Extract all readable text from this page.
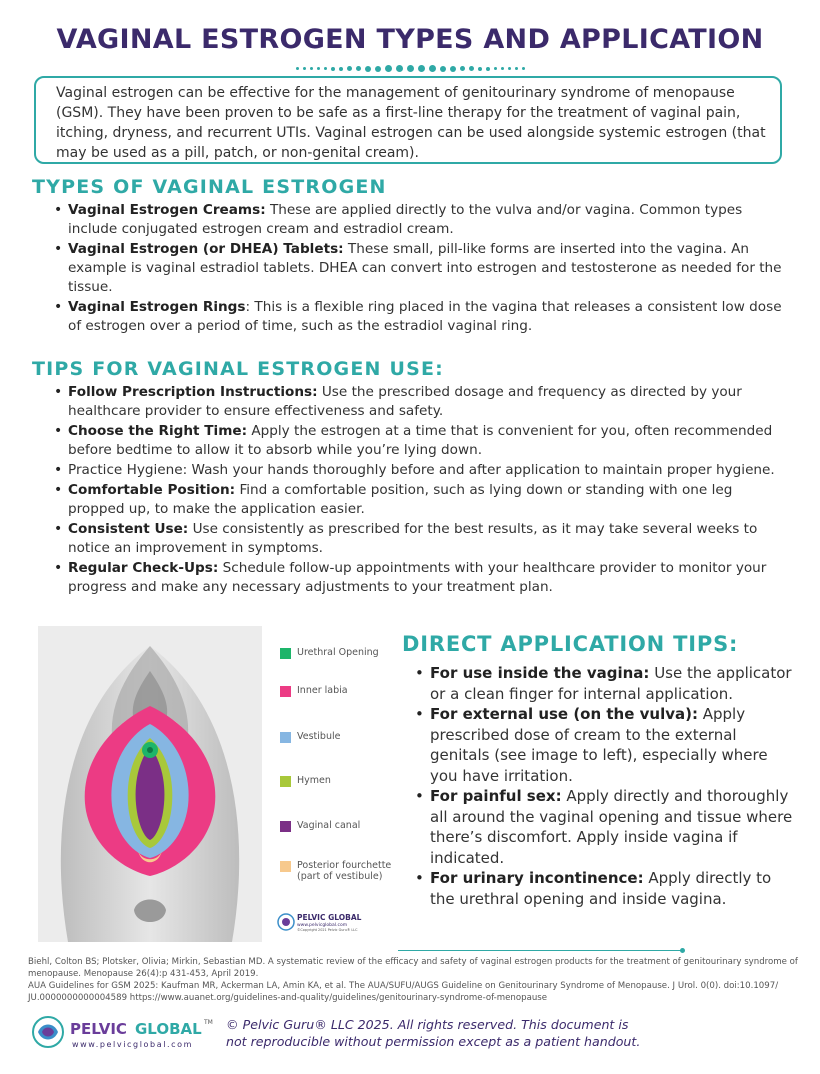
VAGINAL ESTROGEN TYPES AND APPLICATION
Vaginal estrogen can be effective for the management of genitourinary syndrome of menopause (GSM). They have been proven to be safe as a first-line therapy for the treatment of vaginal pain, itching, dryness, and recurrent UTIs. Vaginal estrogen can be used alongside systemic estrogen (that may be used as a pill, patch, or non-genital cream).
TYPES OF VAGINAL ESTROGEN
• Vaginal Estrogen Creams: These are applied directly to the vulva and/or vagina. Common types include conjugated estrogen cream and estradiol cream.
• Vaginal Estrogen (or DHEA) Tablets: These small, pill-like forms are inserted into the vagina. An example is vaginal estradiol tablets. DHEA can convert into estrogen and testosterone as needed for the tissue.
• Vaginal Estrogen Rings: This is a flexible ring placed in the vagina that releases a consistent low dose of estrogen over a period of time, such as the estradiol vaginal ring.
TIPS FOR VAGINAL ESTROGEN USE:
• Follow Prescription Instructions: Use the prescribed dosage and frequency as directed by your healthcare provider to ensure effectiveness and safety.
• Choose the Right Time: Apply the estrogen at a time that is convenient for you, often recommended before bedtime to allow it to absorb while you’re lying down.
• Practice Hygiene: Wash your hands thoroughly before and after application to maintain proper hygiene.
• Comfortable Position: Find a comfortable position, such as lying down or standing with one leg propped up, to make the application easier.
• Consistent Use: Use consistently as prescribed for the best results, as it may take several weeks to notice an improvement in symptoms.
• Regular Check-Ups: Schedule follow-up appointments with your healthcare provider to monitor your progress and make any necessary adjustments to your treatment plan.
Urethral Opening
Inner labia
Vestibule
Hymen
Vaginal canal
Posterior fourchette (part of vestibule)
PELVIC GLOBAL
www.pelvicglobal.com
©Copyright 2021 Pelvic Guru® LLC
DIRECT APPLICATION TIPS:
• For use inside the vagina: Use the applicator or a clean finger for internal application.
• For external use (on the vulva): Apply prescribed dose of cream to the external genitals (see image to left), especially where you have irritation.
• For painful sex: Apply directly and thoroughly all around the vaginal opening and tissue where there’s discomfort. Apply inside vagina if indicated.
• For urinary incontinence: Apply directly to the urethral opening and inside vagina.
Biehl, Colton BS; Plotsker, Olivia; Mirkin, Sebastian MD. A systematic review of the efficacy and safety of vaginal estrogen products for the treatment of genitourinary syndrome of menopause. Menopause 26(4):p 431-453, April 2019.
AUA Guidelines for GSM 2025: Kaufman MR, Ackerman LA, Amin KA, et al. The AUA/SUFU/AUGS Guideline on Genitourinary Syndrome of Menopause. J Urol. 0(0). doi:10.1097/ JU.0000000000004589 https://www.auanet.org/guidelines-and-quality/guidelines/genitourinary-syndrome-of-menopause
PELVIC GLOBAL TM
www.pelvicglobal.com
© Pelvic Guru® LLC 2025. All rights reserved. This document is not reproducible without permission except as a patient handout.
